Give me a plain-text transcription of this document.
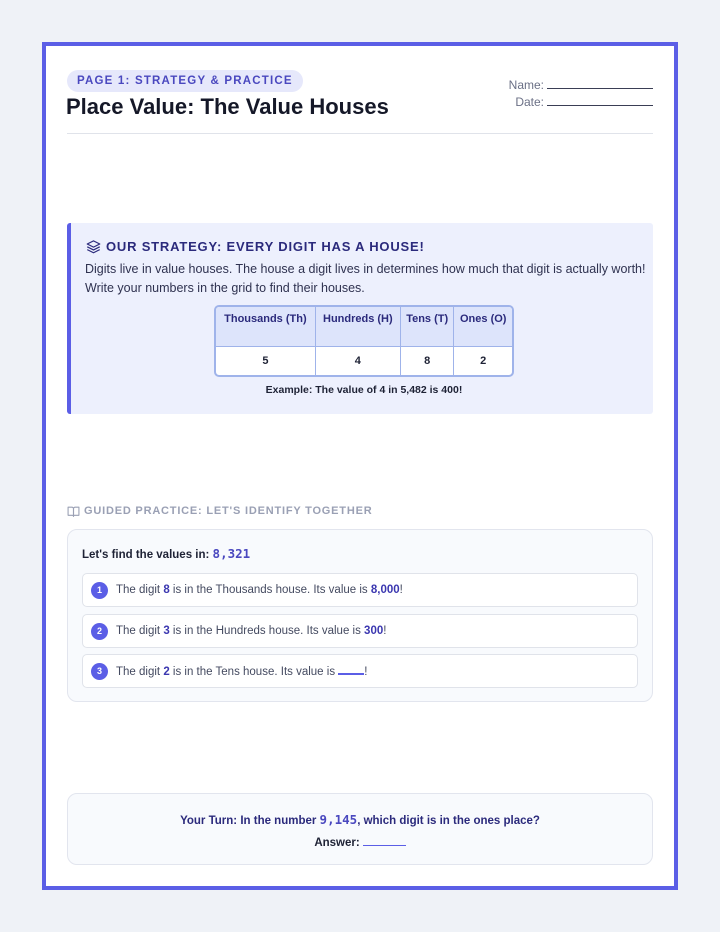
PAGE 1: STRATEGY & PRACTICE
Place Value: The Value Houses
Name:
Date:
OUR STRATEGY: EVERY DIGIT HAS A HOUSE!
Digits live in value houses. The house a digit lives in determines how much that digit is actually worth! Write your numbers in the grid to find their houses.
Thousands (Th)	Hundreds (H)	Tens (T)	Ones (O)
5	4	8	2
Example: The value of 4 in 5,482 is 400!
GUIDED PRACTICE: LET'S IDENTIFY TOGETHER
Let's find the values in: 8,321
1	The digit 8 is in the Thousands house. Its value is 8,000!
2	The digit 3 is in the Hundreds house. Its value is 300!
3	The digit 2 is in the Tens house. Its value is !
Your Turn: In the number 9,145, which digit is in the ones place?
Answer:
